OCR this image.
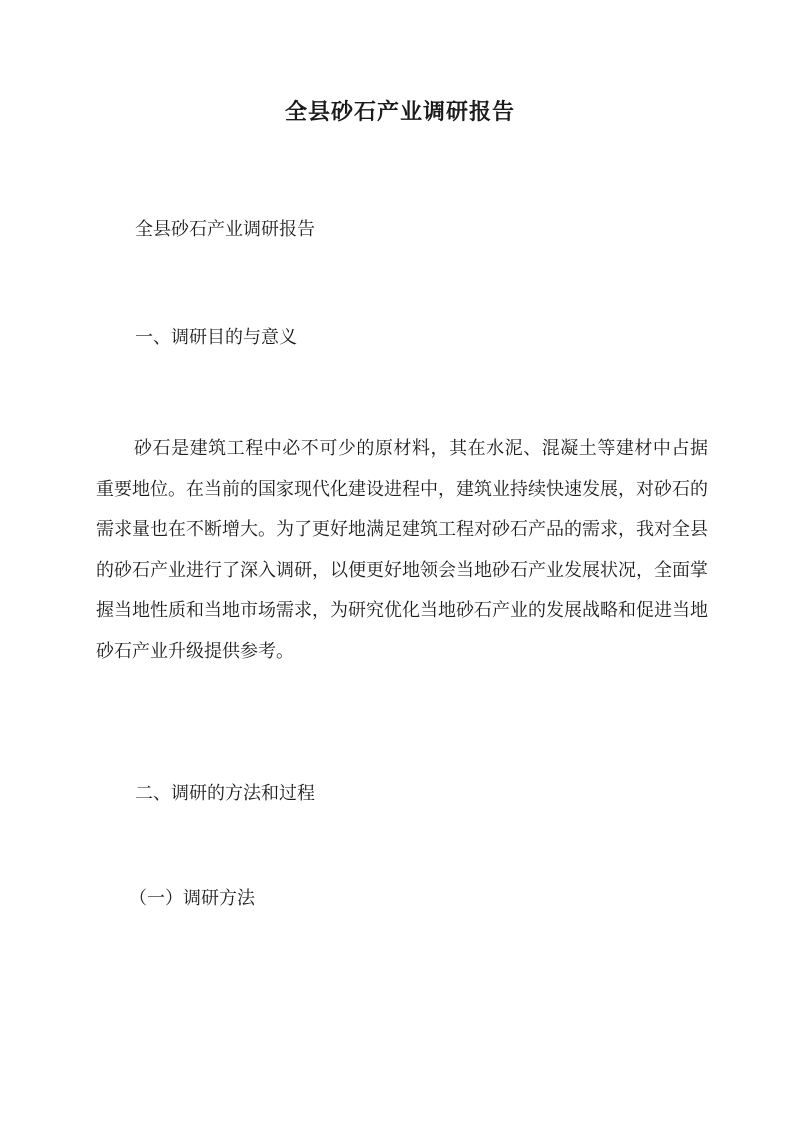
全县砂石产业调研报告

全县砂石产业调研报告

一、调研目的与意义

砂石是建筑工程中必不可少的原材料，其在水泥、混凝土等建材中占据重要地位。在当前的国家现代化建设进程中，建筑业持续快速发展，对砂石的需求量也在不断增大。为了更好地满足建筑工程对砂石产品的需求，我对全县的砂石产业进行了深入调研，以便更好地领会当地砂石产业发展状况，全面掌握当地性质和当地市场需求，为研究优化当地砂石产业的发展战略和促进当地砂石产业升级提供参考。

二、调研的方法和过程

（一）调研方法
